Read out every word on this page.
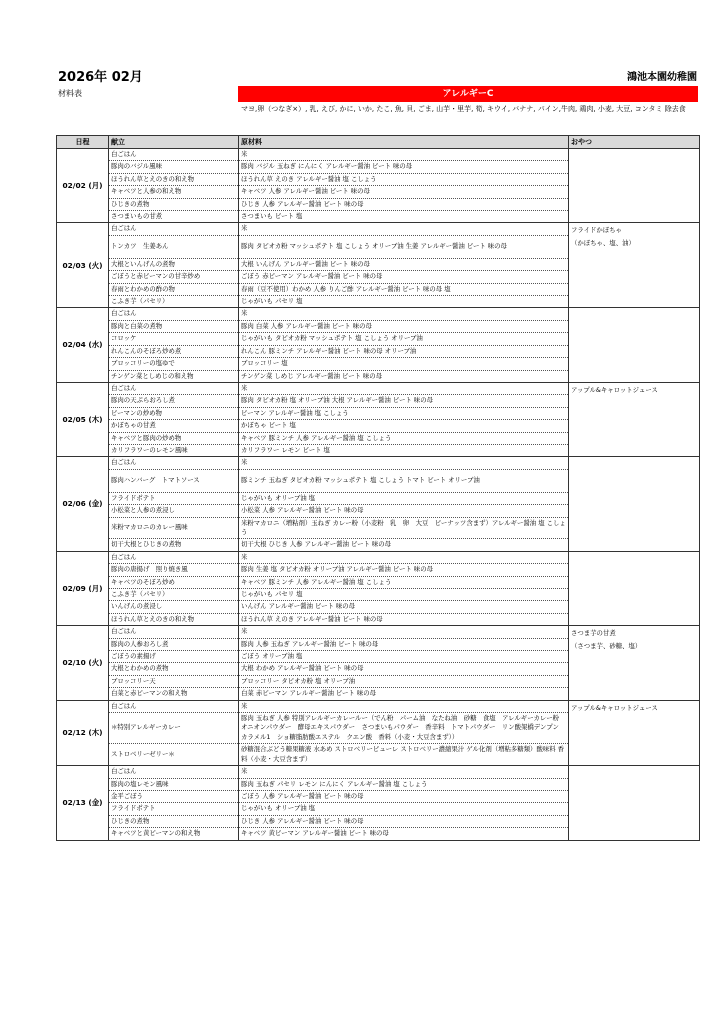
2026年 02月
材料表
鴻池本園幼稚園
アレルギーC
マヨ,卵（つなぎ×）, 乳, えび, かに, いか, たこ, 魚, 貝, ごま, 山芋・里芋, 筍, キウイ, バナナ, パイン,牛肉, 鶏肉, 小麦, 大豆, コンタミ 除去食
日程	献立	原材料	おやつ
02/02 (月)	白ごはん	米	
	豚肉のバジル風味	豚肉 バジル 玉ねぎ にんにく アレルギー醤油 ビート 味の母	
	ほうれん草とえのきの和え物	ほうれん草 えのき アレルギー醤油 塩 こしょう	
	キャベツと人参の和え物	キャベツ 人参 アレルギー醤油 ビート 味の母	
	ひじきの煮物	ひじき 人参 アレルギー醤油 ビート 味の母	
	さつまいもの甘煮	さつまいも ビート 塩	
02/03 (火)	白ごはん	米	フライドかぼちゃ
（かぼちゃ、塩、油）

	トンカツ　生姜あん	豚肉 タピオカ粉 マッシュポテト 塩 こしょう オリーブ油 生姜 アレルギー醤油 ビート 味の母	
	大根といんげんの煮物	大根 いんげん アレルギー醤油 ビート 味の母	
	ごぼうと赤ピーマンの甘辛炒め	ごぼう 赤ピーマン アレルギー醤油 ビート 味の母	
	春雨とわかめの酢の物	春雨（豆不使用）わかめ 人参 りんご酢 アレルギー醤油 ビート 味の母 塩	
	こふき芋（パセリ）	じゃがいも パセリ 塩	
02/04 (水)	白ごはん	米	
	豚肉と白菜の煮物	豚肉 白菜 人参 アレルギー醤油 ビート 味の母	
	コロッケ	じゃがいも タピオカ粉 マッシュポテト 塩 こしょう オリーブ油	
	れんこんのそぼろ炒め煮	れんこん 豚ミンチ アレルギー醤油 ビート 味の母 オリーブ油	
	ブロッコリーの塩ゆで	ブロッコリー 塩	
	チンゲン菜としめじの和え物	チンゲン菜 しめじ アレルギー醤油 ビート 味の母	
02/05 (木)	白ごはん	米	アップル&キャロットジュース

	豚肉の天ぷらおろし煮	豚肉 タピオカ粉 塩 オリーブ油 大根 アレルギー醤油 ビート 味の母	
	ピーマンの炒め物	ピーマン アレルギー醤油 塩 こしょう	
	かぼちゃの甘煮	かぼちゃ ビート 塩	
	キャベツと豚肉の炒め物	キャベツ 豚ミンチ 人参 アレルギー醤油 塩 こしょう	
	カリフラワーのレモン風味	カリフラワー レモン ビート 塩	
02/06 (金)	白ごはん	米	
	豚肉ハンバーグ　トマトソース	豚ミンチ 玉ねぎ タピオカ粉 マッシュポテト 塩 こしょう トマト ビート オリーブ油	
	フライドポテト	じゃがいも オリーブ油 塩	
	小松菜と人参の煮浸し	小松菜 人参 アレルギー醤油 ビート 味の母	
	米粉マカロニのカレー風味	米粉マカロニ（増粘剤）玉ねぎ カレー粉（小麦粉　乳　卵　大豆　ピーナッツ含まず）アレルギー醤油 塩 こしょう	
	切干大根とひじきの煮物	切干大根 ひじき 人参 アレルギー醤油 ビート 味の母	
02/09 (月)	白ごはん	米	
	豚肉の唐揚げ　照り焼き風	豚肉 生姜 塩 タピオカ粉 オリーブ油 アレルギー醤油 ビート 味の母	
	キャベツのそぼろ炒め	キャベツ 豚ミンチ 人参 アレルギー醤油 塩 こしょう	
	こふき芋（パセリ）	じゃがいも パセリ 塩	
	いんげんの煮浸し	いんげん アレルギー醤油 ビート 味の母	
	ほうれん草とえのきの和え物	ほうれん草 えのき アレルギー醤油 ビート 味の母	
02/10 (火)	白ごはん	米	さつま芋の甘煮
（さつま芋、砂糖、塩）

	豚肉の人参おろし煮	豚肉 人参 玉ねぎ アレルギー醤油 ビート 味の母	
	ごぼうの素揚げ	ごぼう オリーブ油 塩	
	大根とわかめの煮物	大根 わかめ アレルギー醤油 ビート 味の母	
	ブロッコリー天	ブロッコリー タピオカ粉 塩 オリーブ油	
	白菜と赤ピーマンの和え物	白菜 赤ピーマン アレルギー醤油 ビート 味の母	
02/12 (木)	白ごはん	米	アップル&キャロットジュース

	＊特別アレルギーカレー	豚肉 玉ねぎ 人参 特別アレルギーカレールー（でん粉　パーム油　なたね油　砂糖　食塩　アレルギーカレー粉　オニオンパウダー　酵母エキスパウダー　さつまいもパウダー　香辛料　トマトパウダー　リン酸架橋デンプン　カラメル1　ショ糖脂肪酸エステル　クエン酸　香料（小麦・大豆含まず））	
	ストロベリーゼリー＊	砂糖混合ぶどう糖果糖液 水あめ ストロベリーピューレ ストロベリー濃縮果汁 ゲル化剤（増粘多糖類）酸味料 香料（小麦・大豆含まず）	
02/13 (金)	白ごはん	米	
	豚肉の塩レモン風味	豚肉 玉ねぎ パセリ レモン にんにく アレルギー醤油 塩 こしょう	
	金平ごぼう	ごぼう 人参 アレルギー醤油 ビート 味の母	
	フライドポテト	じゃがいも オリーブ油 塩	
	ひじきの煮物	ひじき 人参 アレルギー醤油 ビート 味の母	
	キャベツと黄ピーマンの和え物	キャベツ 黄ピーマン アレルギー醤油 ビート 味の母	
